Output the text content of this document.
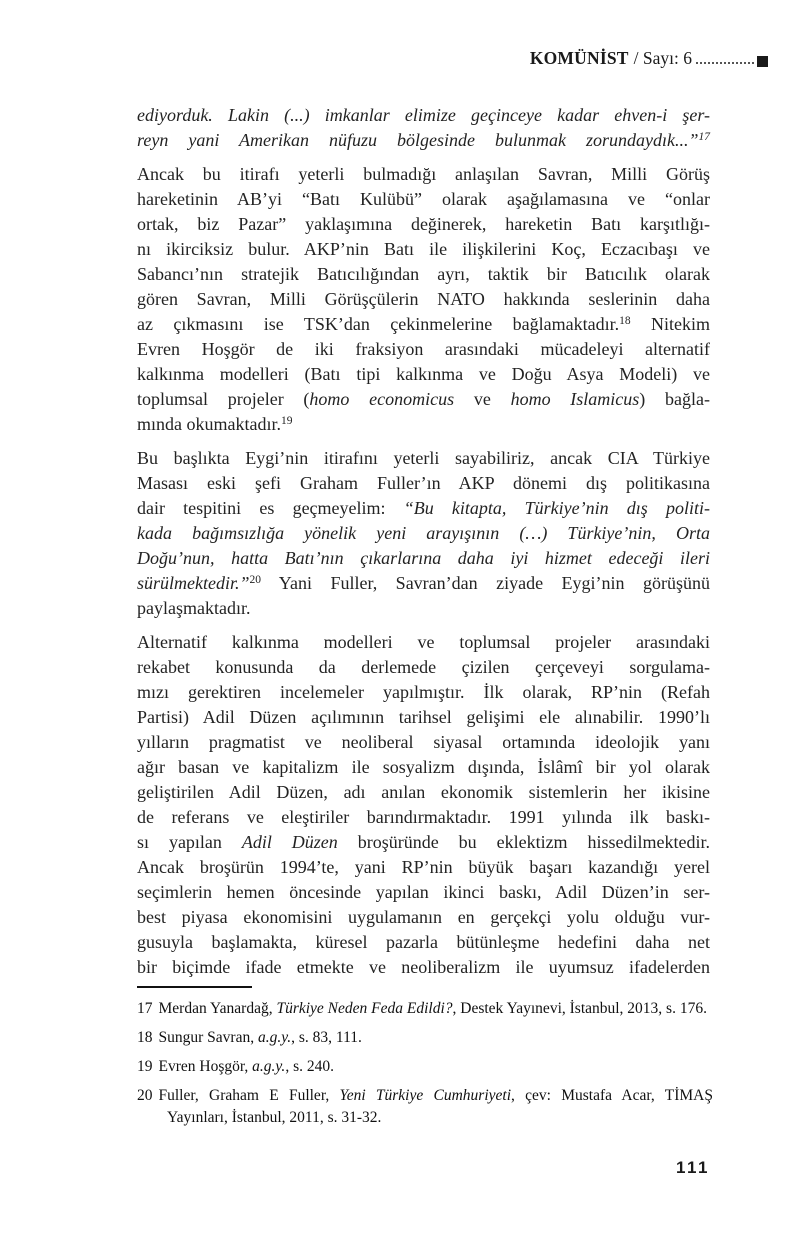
KOMÜNİST / Sayı: 6
ediyorduk. Lakin (...) imkanlar elimize geçinceye kadar ehven-i şer-
reyn yani Amerikan nüfuzu bölgesinde bulunmak zorundaydık...”$^{17}$
Ancak bu itirafı yeterli bulmadığı anlaşılan Savran, Milli Görüş
hareketinin AB’yi “Batı Kulübü” olarak aşağılamasına ve “onlar
ortak, biz Pazar” yaklaşımına değinerek, hareketin Batı karşıtlığı-
nı ikirciksiz bulur. AKP’nin Batı ile ilişkilerini Koç, Eczacıbaşı ve
Sabancı’nın stratejik Batıcılığından ayrı, taktik bir Batıcılık olarak
gören Savran, Milli Görüşçülerin NATO hakkında seslerinin daha
az çıkmasını ise TSK’dan çekinmelerine bağlamaktadır.$^{18}$ Nitekim
Evren Hoşgör de iki fraksiyon arasındaki mücadeleyi alternatif
kalkınma modelleri (Batı tipi kalkınma ve Doğu Asya Modeli) ve
toplumsal projeler (homo economicus ve homo Islamicus) bağla-
mında okumaktadır.$^{19}$
Bu başlıkta Eygi’nin itirafını yeterli sayabiliriz, ancak CIA Türkiye
Masası eski şefi Graham Fuller’ın AKP dönemi dış politikasına
dair tespitini es geçmeyelim: “Bu kitapta, Türkiye’nin dış politi-
kada bağımsızlığa yönelik yeni arayışının (…) Türkiye’nin, Orta
Doğu’nun, hatta Batı’nın çıkarlarına daha iyi hizmet edeceği ileri
sürülmektedir.”$^{20}$ Yani Fuller, Savran’dan ziyade Eygi’nin görüşünü
paylaşmaktadır.
Alternatif kalkınma modelleri ve toplumsal projeler arasındaki
rekabet konusunda da derlemede çizilen çerçeveyi sorgulama-
mızı gerektiren incelemeler yapılmıştır. İlk olarak, RP’nin (Refah
Partisi) Adil Düzen açılımının tarihsel gelişimi ele alınabilir. 1990’lı
yılların pragmatist ve neoliberal siyasal ortamında ideolojik yanı
ağır basan ve kapitalizm ile sosyalizm dışında, İslâmî bir yol olarak
geliştirilen Adil Düzen, adı anılan ekonomik sistemlerin her ikisine
de referans ve eleştiriler barındırmaktadır. 1991 yılında ilk baskı-
sı yapılan Adil Düzen broşüründe bu eklektizm hissedilmektedir.
Ancak broşürün 1994’te, yani RP’nin büyük başarı kazandığı yerel
seçimlerin hemen öncesinde yapılan ikinci baskı, Adil Düzen’in ser-
best piyasa ekonomisini uygulamanın en gerçekçi yolu olduğu vur-
gusuyla başlamakta, küresel pazarla bütünleşme hedefini daha net
bir biçimde ifade etmekte ve neoliberalizm ile uyumsuz ifadelerden
17 Merdan Yanardağ, Türkiye Neden Feda Edildi?, Destek Yayınevi, İstanbul, 2013, s. 176.
18 Sungur Savran, a.g.y., s. 83, 111.
19 Evren Hoşgör, a.g.y., s. 240.
20 Fuller, Graham E Fuller, Yeni Türkiye Cumhuriyeti, çev: Mustafa Acar, TİMAŞ Yayınları, İstanbul, 2011, s. 31-32.
111
